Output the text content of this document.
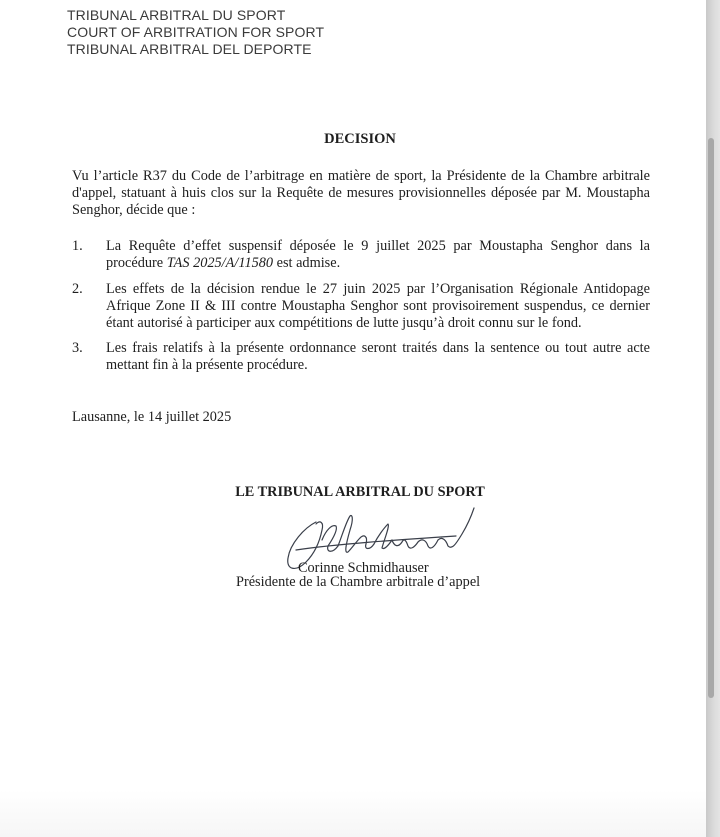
TRIBUNAL ARBITRAL DU SPORT
COURT OF ARBITRATION FOR SPORT
TRIBUNAL ARBITRAL DEL DEPORTE
DECISION
Vu l’article R37 du Code de l’arbitrage en matière de sport, la Présidente de la Chambre arbitrale d'appel, statuant à huis clos sur la Requête de mesures provisionnelles déposée par M. Moustapha Senghor, décide que :
1. La Requête d’effet suspensif déposée le 9 juillet 2025 par Moustapha Senghor dans la procédure TAS 2025/A/11580 est admise.
2. Les effets de la décision rendue le 27 juin 2025 par l’Organisation Régionale Antidopage Afrique Zone II & III contre Moustapha Senghor sont provisoirement suspendus, ce dernier étant autorisé à participer aux compétitions de lutte jusqu’à droit connu sur le fond.
3. Les frais relatifs à la présente ordonnance seront traités dans la sentence ou tout autre acte mettant fin à la présente procédure.
Lausanne, le 14 juillet 2025
LE TRIBUNAL ARBITRAL DU SPORT
Corinne Schmidhauser
Présidente de la Chambre arbitrale d’appel
